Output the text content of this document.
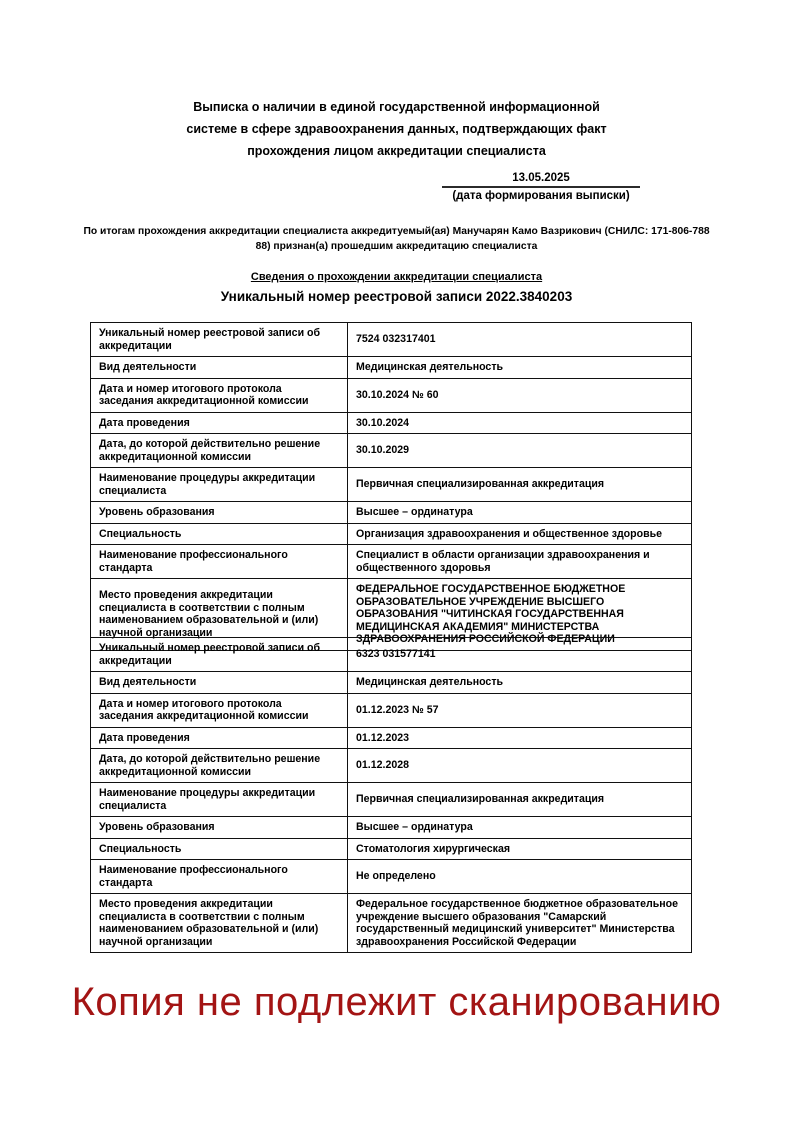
Выписка о наличии в единой государственной информационной системе в сфере здравоохранения данных, подтверждающих факт прохождения лицом аккредитации специалиста
13.05.2025
(дата формирования выписки)
По итогам прохождения аккредитации специалиста аккредитуемый(ая) Манучарян Камо Вазрикович (СНИЛС: 171-806-788 88) признан(а) прошедшим аккредитацию специалиста
Сведения о прохождении аккредитации специалиста
Уникальный номер реестровой записи 2022.3840203
Уникальный номер реестровой записи об аккредитации	7524 032317401
Вид деятельности	Медицинская деятельность
Дата и номер итогового протокола заседания аккредитационной комиссии	30.10.2024 № 60
Дата проведения	30.10.2024
Дата, до которой действительно решение аккредитационной комиссии	30.10.2029
Наименование процедуры аккредитации специалиста	Первичная специализированная аккредитация
Уровень образования	Высшее – ординатура
Специальность	Организация здравоохранения и общественное здоровье
Наименование профессионального стандарта	Специалист в области организации здравоохранения и общественного здоровья
Место проведения аккредитации специалиста в соответствии с полным наименованием образовательной и (или) научной организации	ФЕДЕРАЛЬНОЕ ГОСУДАРСТВЕННОЕ БЮДЖЕТНОЕ ОБРАЗОВАТЕЛЬНОЕ УЧРЕЖДЕНИЕ ВЫСШЕГО ОБРАЗОВАНИЯ "ЧИТИНСКАЯ ГОСУДАРСТВЕННАЯ МЕДИЦИНСКАЯ АКАДЕМИЯ" МИНИСТЕРСТВА ЗДРАВООХРАНЕНИЯ РОССИЙСКОЙ ФЕДЕРАЦИИ
Уникальный номер реестровой записи об аккредитации	6323 031577141
Вид деятельности	Медицинская деятельность
Дата и номер итогового протокола заседания аккредитационной комиссии	01.12.2023 № 57
Дата проведения	01.12.2023
Дата, до которой действительно решение аккредитационной комиссии	01.12.2028
Наименование процедуры аккредитации специалиста	Первичная специализированная аккредитация
Уровень образования	Высшее – ординатура
Специальность	Стоматология хирургическая
Наименование профессионального стандарта	Не определено
Место проведения аккредитации специалиста в соответствии с полным наименованием образовательной и (или) научной организации	Федеральное государственное бюджетное образовательное учреждение высшего образования "Самарский государственный медицинский университет" Министерства здравоохранения Российской Федерации
Копия не подлежит сканированию
